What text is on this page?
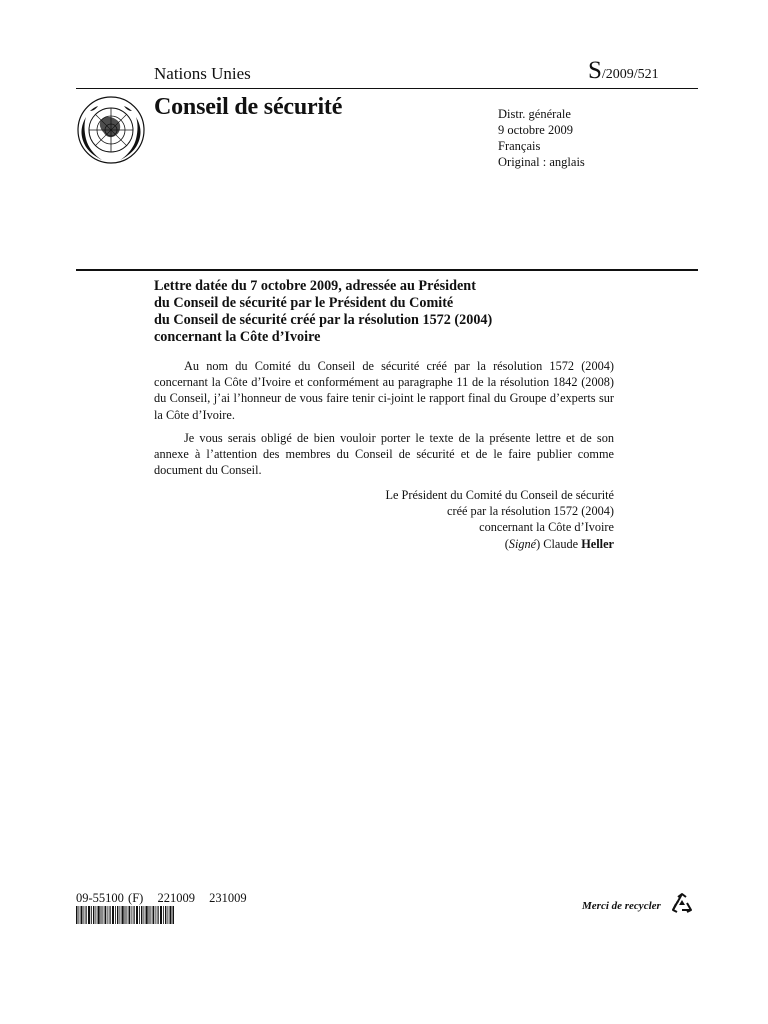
Nations Unies	S/2009/521
Conseil de sécurité	Distr. générale
9 octobre 2009
Français
Original : anglais
Lettre datée du 7 octobre 2009, adressée au Président
du Conseil de sécurité par le Président du Comité
du Conseil de sécurité créé par la résolution 1572 (2004)
concernant la Côte d’Ivoire

Au nom du Comité du Conseil de sécurité créé par la résolution 1572 (2004) concernant la Côte d’Ivoire et conformément au paragraphe 11 de la résolution 1842 (2008) du Conseil, j’ai l’honneur de vous faire tenir ci-joint le rapport final du Groupe d’experts sur la Côte d’Ivoire.

Je vous serais obligé de bien vouloir porter le texte de la présente lettre et de son annexe à l’attention des membres du Conseil de sécurité et de le faire publier comme document du Conseil.

Le Président du Comité du Conseil de sécurité
créé par la résolution 1572 (2004)
concernant la Côte d’Ivoire
(Signé) Claude Heller
09-55100 (F) 221009 231009
Merci de recycler
